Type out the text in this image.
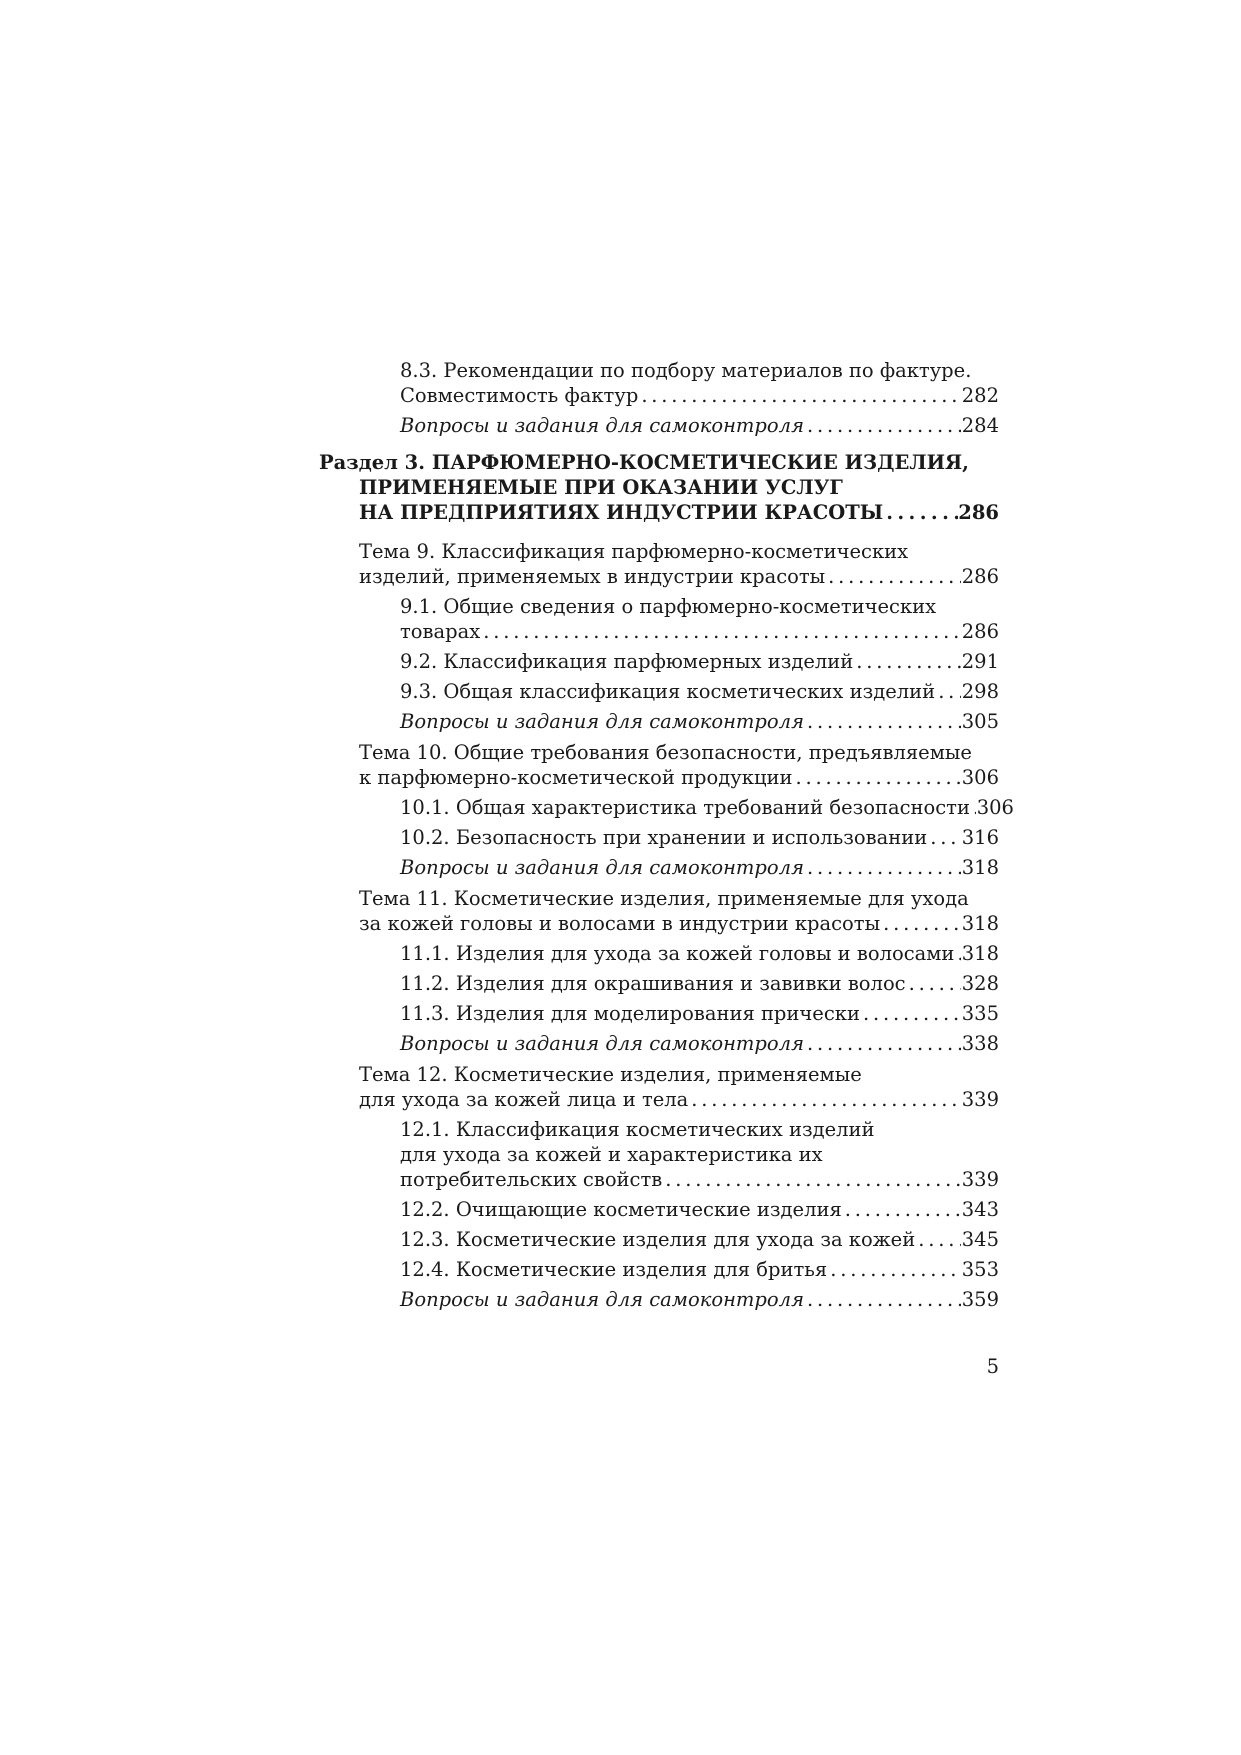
8.3. Рекомендации по подбору материалов по фактуре.
Совместимость фактур . . .	282
Вопросы и задания для самоконтроля . . .	284
Раздел 3. ПАРФЮМЕРНО-КОСМЕТИЧЕСКИЕ ИЗДЕЛИЯ,
ПРИМЕНЯЕМЫЕ ПРИ ОКАЗАНИИ УСЛУГ
НА ПРЕДПРИЯТИЯХ ИНДУСТРИИ КРАСОТЫ . . .	286
Тема 9. Классификация парфюмерно-косметических
изделий, применяемых в индустрии красоты . . .	286
9.1. Общие сведения о парфюмерно-косметических
товарах . . .	286
9.2. Классификация парфюмерных изделий . . .	291
9.3. Общая классификация косметических изделий . . . 298
Вопросы и задания для самоконтроля . . .	305
Тема 10. Общие требования безопасности, предъявляемые
к парфюмерно-косметической продукции . . .	306
10.1. Общая характеристика требований безопасности . . . 306
10.2. Безопасность при хранении и использовании . . . 316
Вопросы и задания для самоконтроля . . .	318
Тема 11. Косметические изделия, применяемые для ухода
за кожей головы и волосами в индустрии красоты . . .	318
11.1. Изделия для ухода за кожей головы и волосами . . . 318
11.2. Изделия для окрашивания и завивки волос . . .	328
11.3. Изделия для моделирования прически . . .	335
Вопросы и задания для самоконтроля . . .	338
Тема 12. Косметические изделия, применяемые
для ухода за кожей лица и тела . . .	339
12.1. Классификация косметических изделий
для ухода за кожей и характеристика их
потребительских свойств . . .	339
12.2. Очищающие косметические изделия . . .	343
12.3. Косметические изделия для ухода за кожей . . . 345
12.4. Косметические изделия для бритья . . .	353
Вопросы и задания для самоконтроля . . .	359
5
